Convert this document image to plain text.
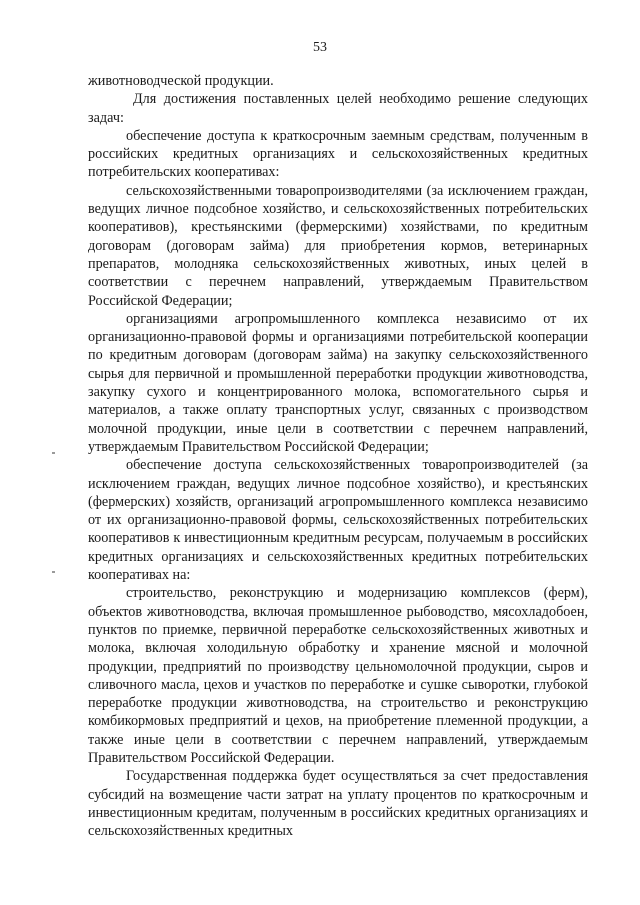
53

животноводческой продукции.

Для достижения поставленных целей необходимо решение следующих задач:

обеспечение доступа к краткосрочным заемным средствам, полученным в российских кредитных организациях и сельскохозяйственных кредитных потребительских кооперативах:

сельскохозяйственными товаропроизводителями (за исключением граждан, ведущих личное подсобное хозяйство, и сельскохозяйственных потребительских кооперативов), крестьянскими (фермерскими) хозяйствами, по кредитным договорам (договорам займа) для приобретения кормов, ветеринарных препаратов, молодняка сельскохозяйственных животных, иных целей в соответствии с перечнем направлений, утверждаемым Правительством Российской Федерации;

организациями агропромышленного комплекса независимо от их организационно-правовой формы и организациями потребительской кооперации по кредитным договорам (договорам займа) на закупку сельскохозяйственного сырья для первичной и промышленной переработки продукции животноводства, закупку сухого и концентрированного молока, вспомогательного сырья и материалов, а также оплату транспортных услуг, связанных с производством молочной продукции, иные цели в соответствии с перечнем направлений, утверждаемым Правительством Российской Федерации;

обеспечение доступа сельскохозяйственных товаропроизводителей (за исключением граждан, ведущих личное подсобное хозяйство), и крестьянских (фермерских) хозяйств, организаций агропромышленного комплекса независимо от их организационно-правовой формы, сельскохозяйственных потребительских кооперативов к инвестиционным кредитным ресурсам, получаемым в российских кредитных организациях и сельскохозяйственных кредитных потребительских кооперативах на:

строительство, реконструкцию и модернизацию комплексов (ферм), объектов животноводства, включая промышленное рыбоводство, мясохладобоен, пунктов по приемке, первичной переработке сельскохозяйственных животных и молока, включая холодильную обработку и хранение мясной и молочной продукции, предприятий по производству цельномолочной продукции, сыров и сливочного масла, цехов и участков по переработке и сушке сыворотки, глубокой переработке продукции животноводства, на строительство и реконструкцию комбикормовых предприятий и цехов, на приобретение племенной продукции, а также иные цели в соответствии с перечнем направлений, утверждаемым Правительством Российской Федерации.

Государственная поддержка будет осуществляться за счет предоставления субсидий на возмещение части затрат на уплату процентов по краткосрочным и инвестиционным кредитам, полученным в российских кредитных организациях и сельскохозяйственных кредитных
